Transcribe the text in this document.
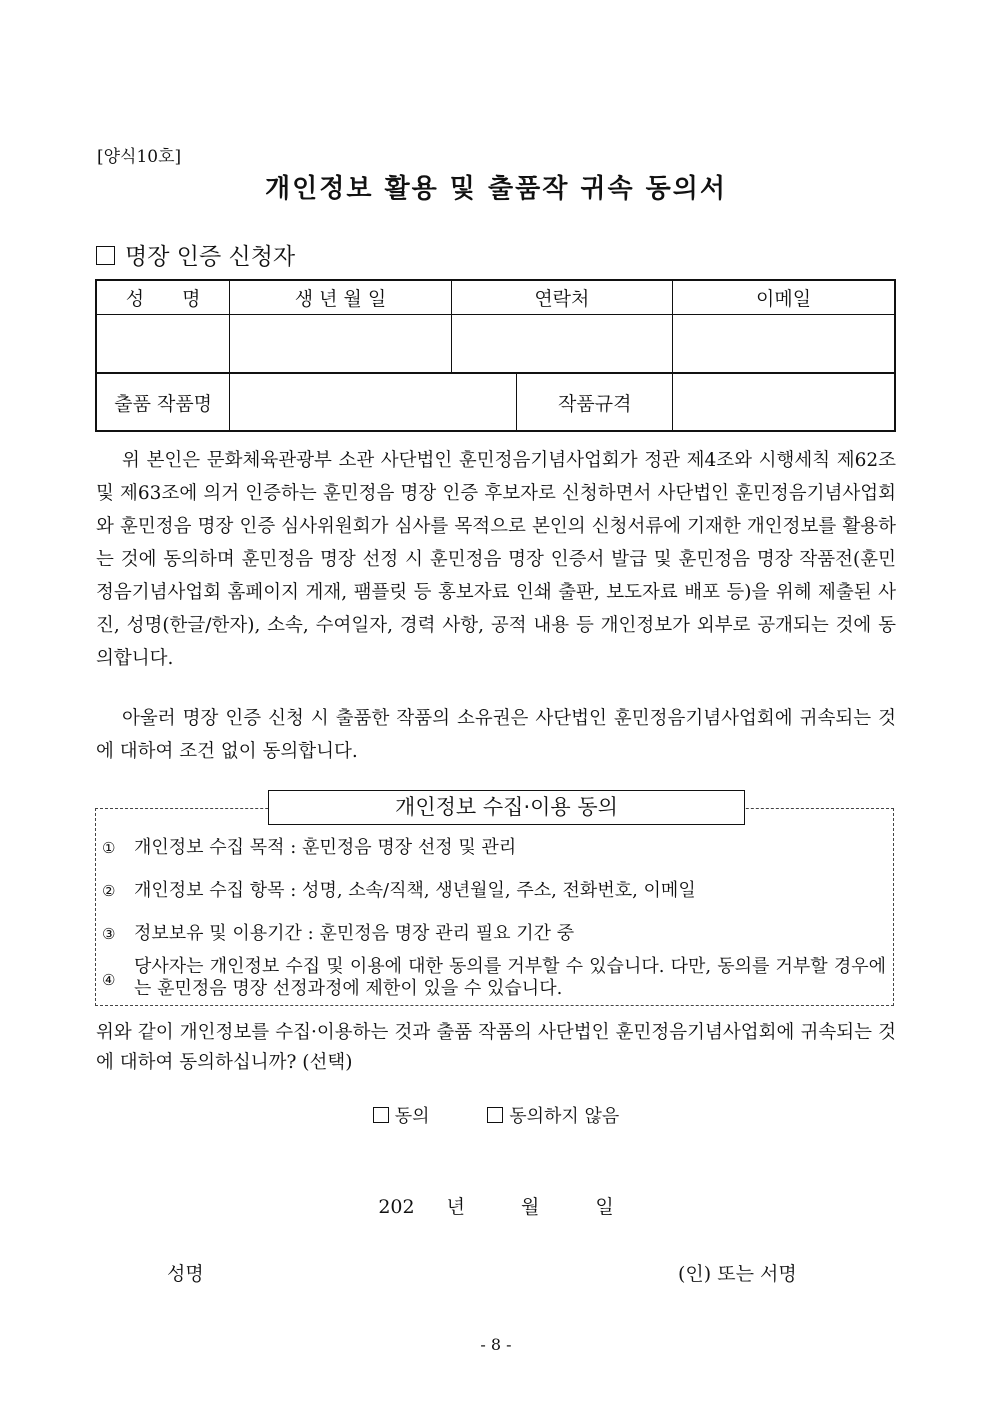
[양식10호]
개인정보 활용 및 출품작 귀속 동의서
명장 인증 신청자
성　　명	생 년 월 일	연락처		이메일

출품 작품명			작품규격	
위 본인은 문화체육관광부 소관 사단법인 훈민정음기념사업회가 정관 제4조와 시행세칙 제62조 및 제63조에 의거 인증하는 훈민정음 명장 인증 후보자로 신청하면서 사단법인 훈민정음기념사업회와 훈민정음 명장 인증 심사위원회가 심사를 목적으로 본인의 신청서류에 기재한 개인정보를 활용하는 것에 동의하며 훈민정음 명장 선정 시 훈민정음 명장 인증서 발급 및 훈민정음 명장 작품전(훈민정음기념사업회 홈페이지 게재, 팸플릿 등 홍보자료 인쇄 출판, 보도자료 배포 등)을 위헤 제출된 사진, 성명(한글/한자), 소속, 수여일자, 경력 사항, 공적 내용 등 개인정보가 외부로 공개되는 것에 동의합니다.
아울러 명장 인증 신청 시 출품한 작품의 소유권은 사단법인 훈민정음기념사업회에 귀속되는 것에 대하여 조건 없이 동의합니다.
개인정보 수집·이용 동의
① 개인정보 수집 목적 : 훈민정음 명장 선정 및 관리
② 개인정보 수집 항목 : 성명, 소속/직책, 생년월일, 주소, 전화번호, 이메일
③ 정보보유 및 이용기간 : 훈민정음 명장 관리 필요 기간 중
④
당사자는 개인정보 수집 및 이용에 대한 동의를 거부할 수 있습니다. 다만, 동의를 거부할 경우에는 훈민정음 명장 선정과정에 제한이 있을 수 있습니다.
위와 같이 개인정보를 수집·이용하는 것과 출품 작품의 사단법인 훈민정음기념사업회에 귀속되는 것에 대하여 동의하십니까? (선택)
동의	동의하지 않음
202 년	월	일
성명	(인) 또는 서명
- 8 -
